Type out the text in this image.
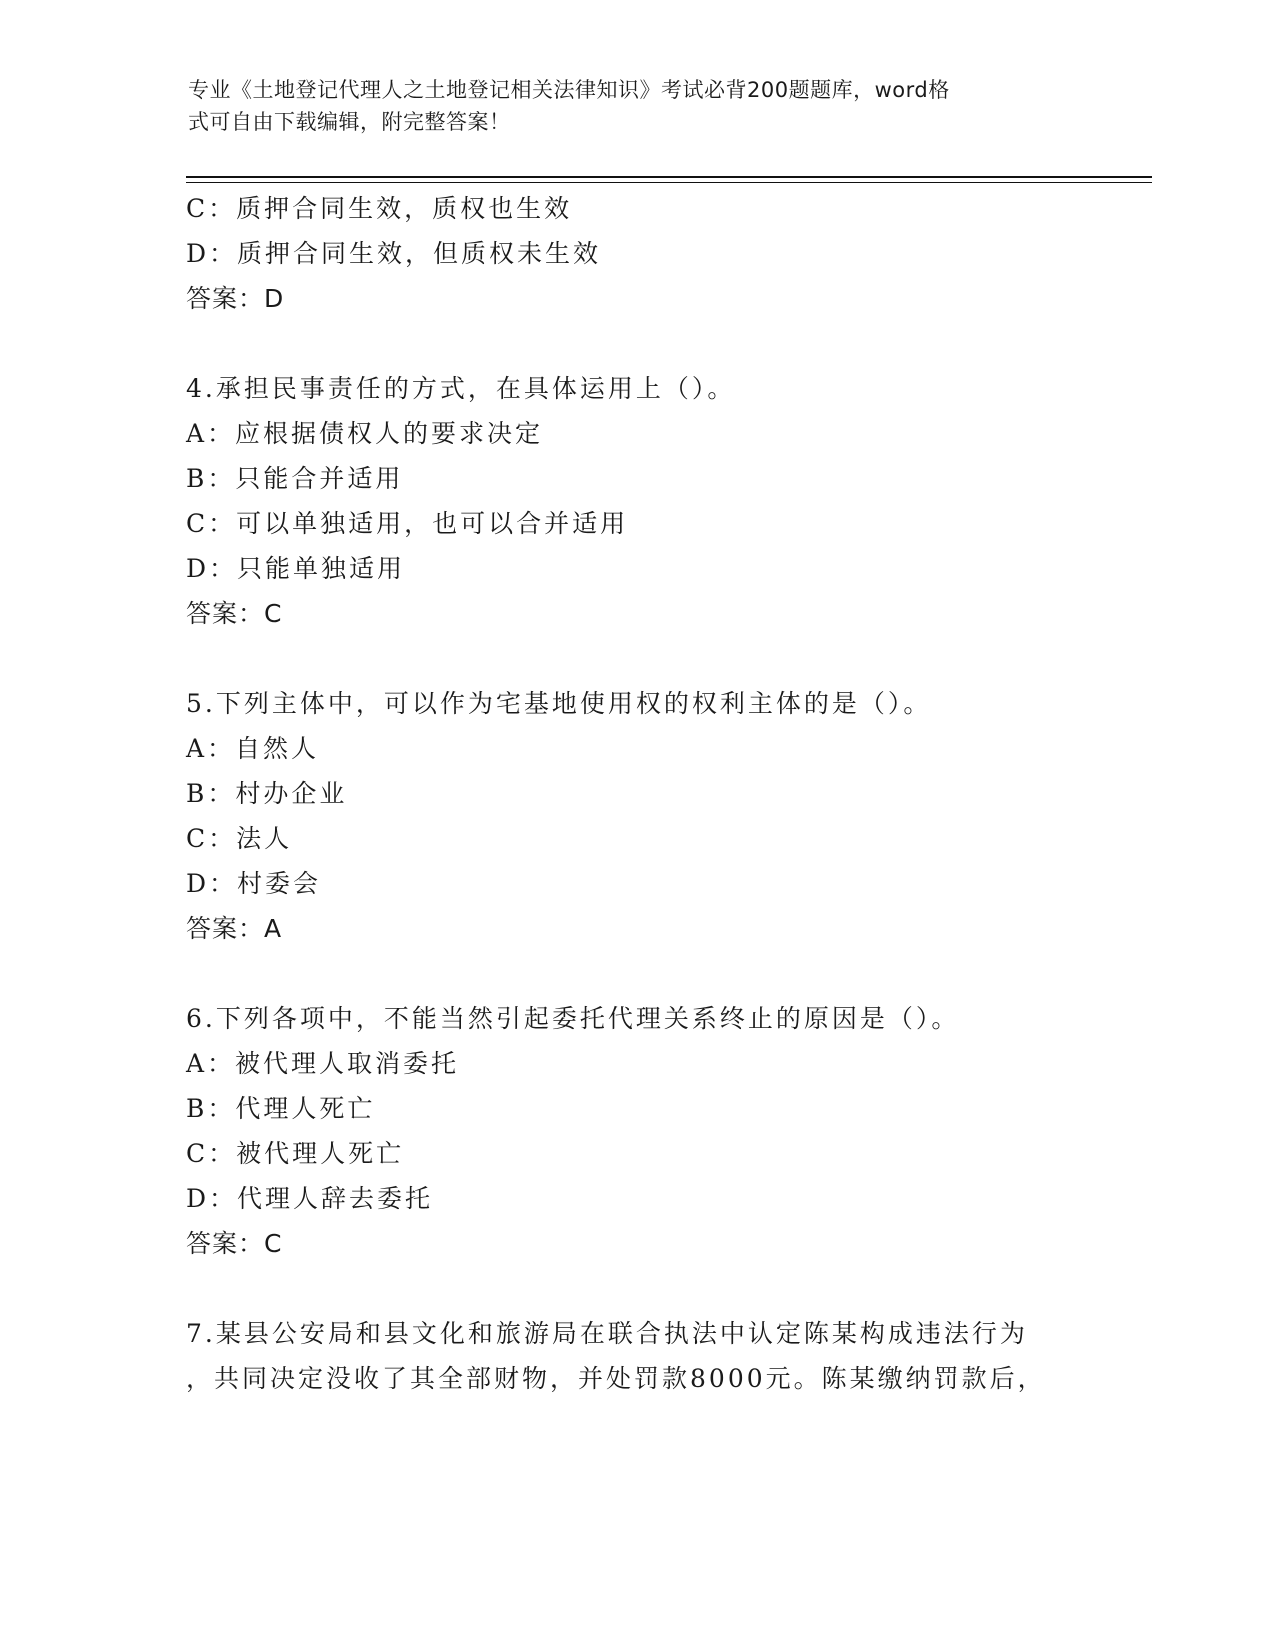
专业《土地登记代理人之土地登记相关法律知识》考试必背200题题库，word格
式可自由下载编辑，附完整答案！
C：质押合同生效，质权也生效
D：质押合同生效，但质权未生效
答案：D
4.承担民事责任的方式，在具体运用上（）。
A：应根据债权人的要求决定
B：只能合并适用
C：可以单独适用，也可以合并适用
D：只能单独适用
答案：C
5.下列主体中，可以作为宅基地使用权的权利主体的是（）。
A：自然人
B：村办企业
C：法人
D：村委会
答案：A
6.下列各项中，不能当然引起委托代理关系终止的原因是（）。
A：被代理人取消委托
B：代理人死亡
C：被代理人死亡
D：代理人辞去委托
答案：C
7.某县公安局和县文化和旅游局在联合执法中认定陈某构成违法行为
，共同决定没收了其全部财物，并处罚款8000元。陈某缴纳罚款后，
